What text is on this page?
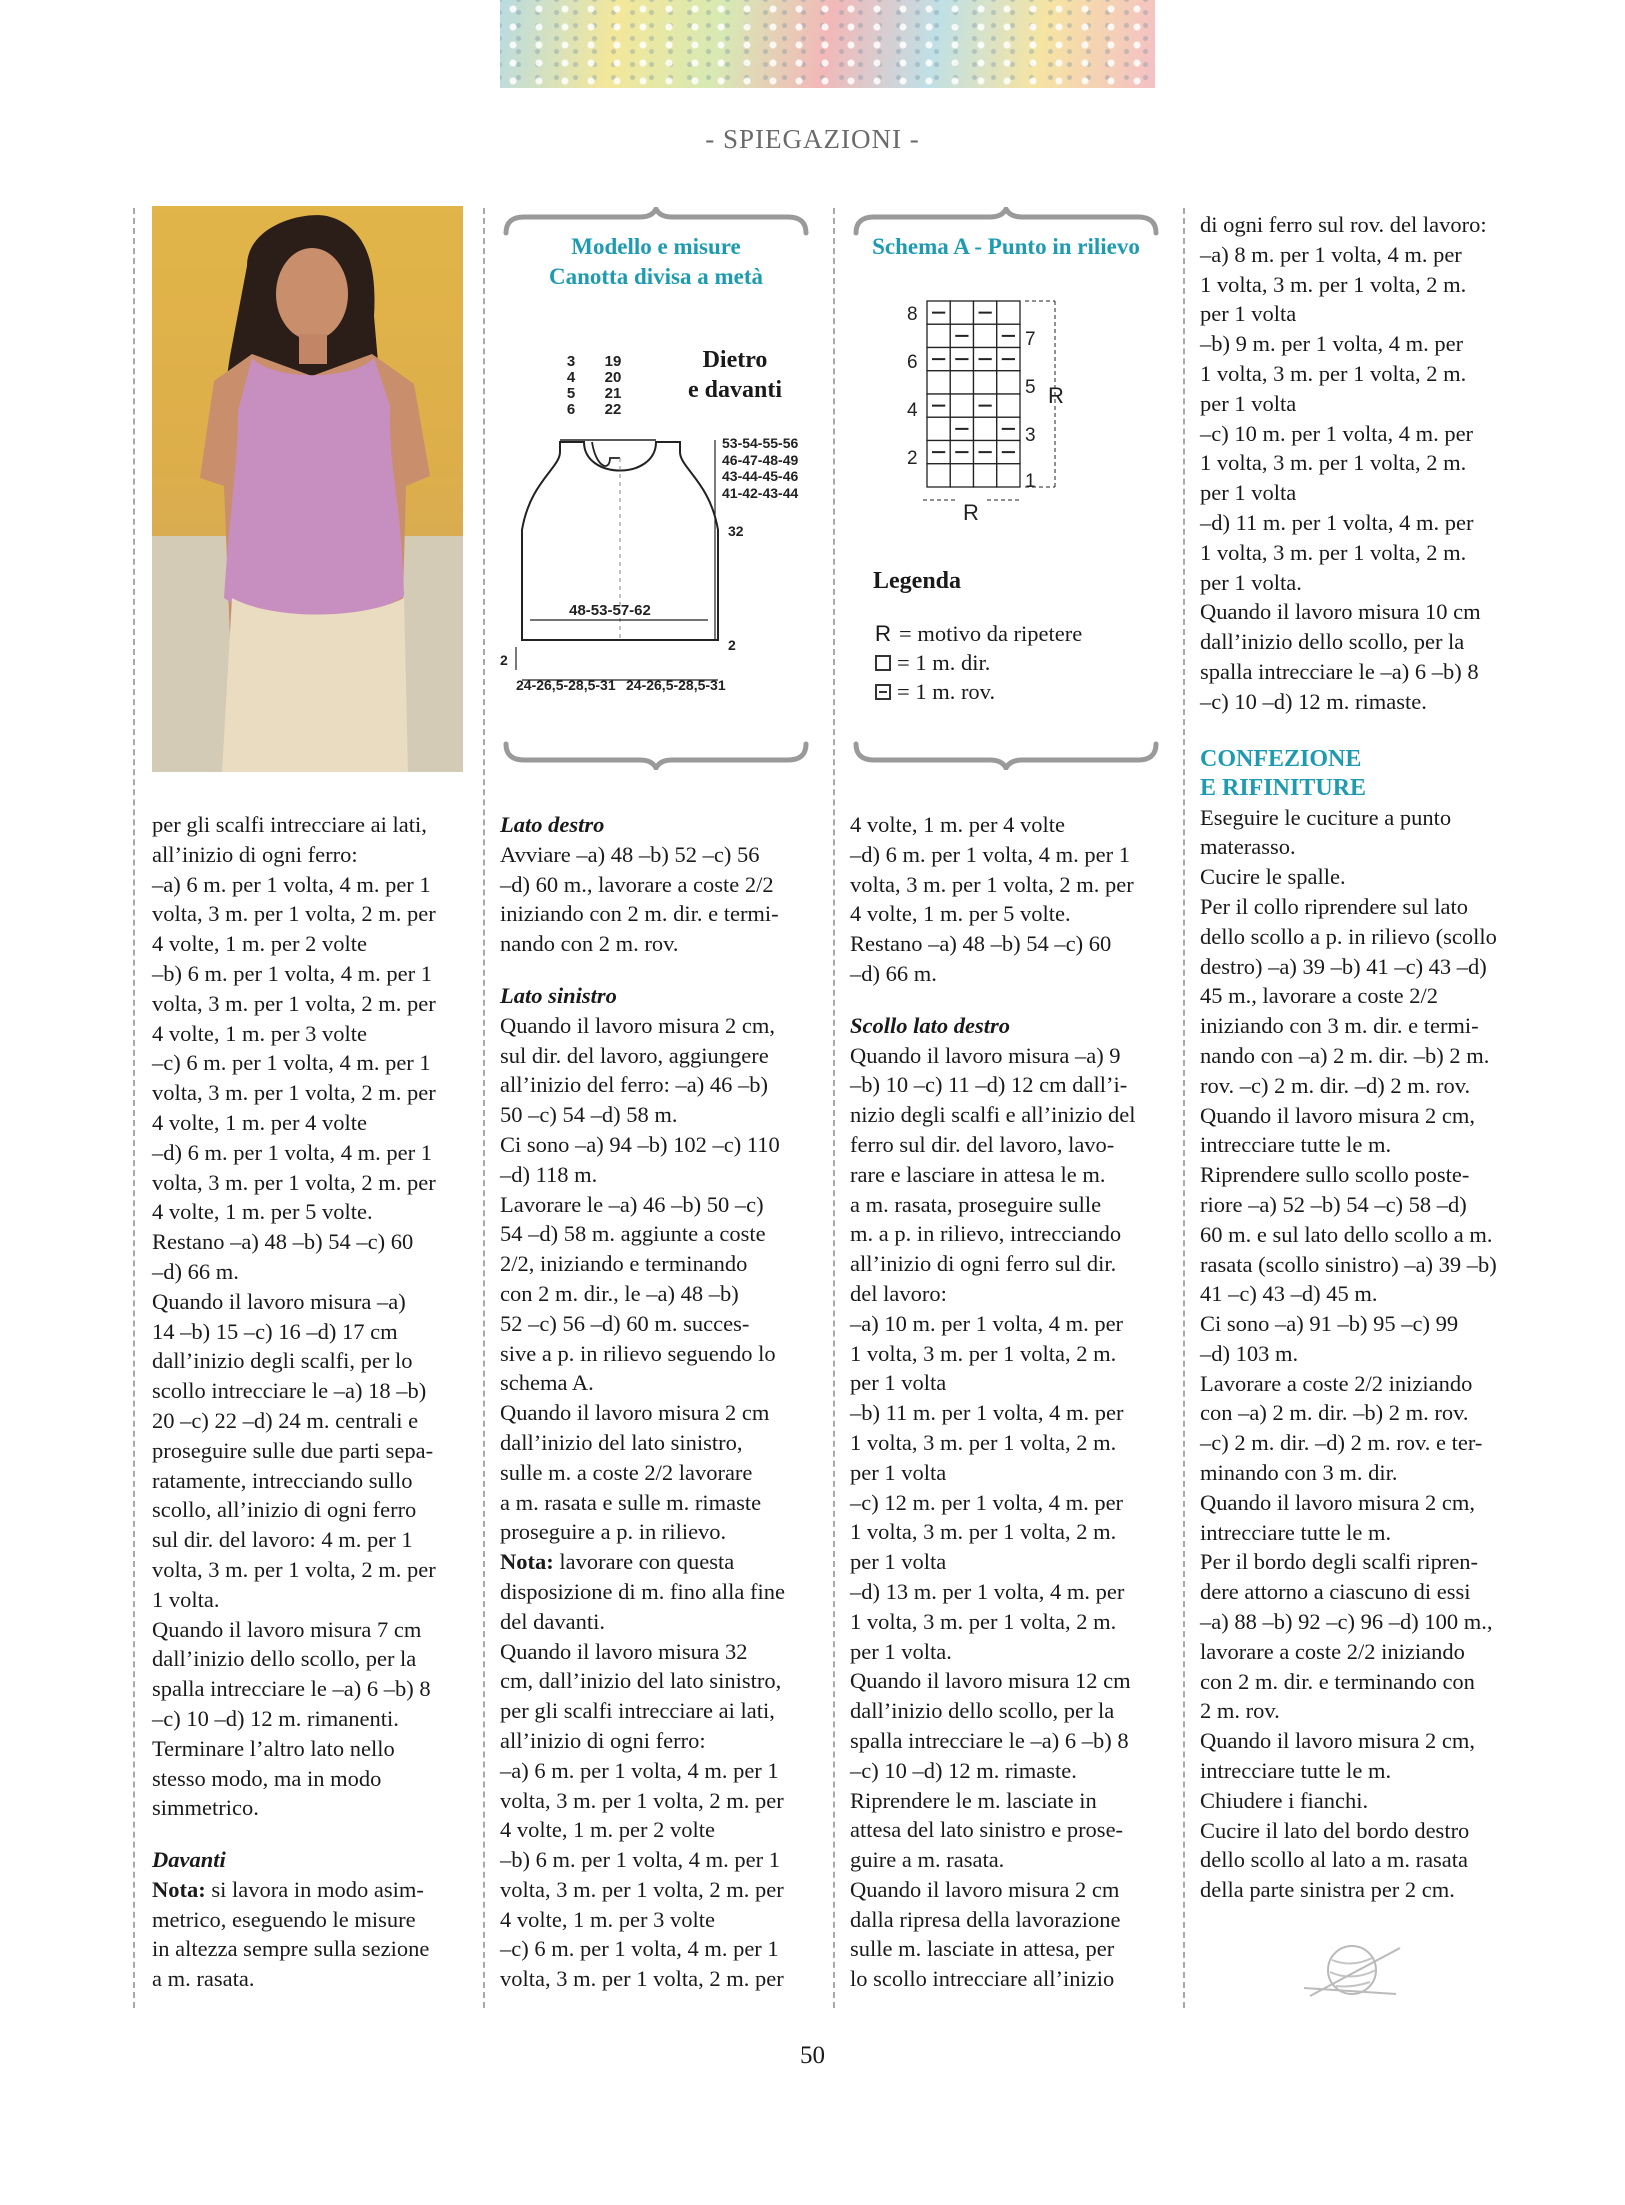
- SPIEGAZIONI -

per gli scalfi intrecciare ai lati,

all’inizio di ogni ferro:

–a) 6 m. per 1 volta, 4 m. per 1

volta, 3 m. per 1 volta, 2 m. per

4 volte, 1 m. per 2 volte

–b) 6 m. per 1 volta, 4 m. per 1

volta, 3 m. per 1 volta, 2 m. per

4 volte, 1 m. per 3 volte

–c) 6 m. per 1 volta, 4 m. per 1

volta, 3 m. per 1 volta, 2 m. per

4 volte, 1 m. per 4 volte

–d) 6 m. per 1 volta, 4 m. per 1

volta, 3 m. per 1 volta, 2 m. per

4 volte, 1 m. per 5 volte.

Restano –a) 48 –b) 54 –c) 60

–d) 66 m.

Quando il lavoro misura –a)

14 –b) 15 –c) 16 –d) 17 cm

dall’inizio degli scalfi, per lo

scollo intrecciare le –a) 18 –b)

20 –c) 22 –d) 24 m. centrali e

proseguire sulle due parti sepa-

ratamente, intrecciando sullo

scollo, all’inizio di ogni ferro

sul dir. del lavoro: 4 m. per 1

volta, 3 m. per 1 volta, 2 m. per

1 volta.

Quando il lavoro misura 7 cm

dall’inizio dello scollo, per la

spalla intrecciare le –a) 6 –b) 8

–c) 10 –d) 12 m. rimanenti.

Terminare l’altro lato nello

stesso modo, ma in modo

simmetrico.

Davanti

Nota: si lavora in modo asim-

metrico, eseguendo le misure

in altezza sempre sulla sezione

a m. rasata.

Modello e misure
Canotta divisa a metà
Dietro
e davanti
3
4
5
6
19
20
21
22
53-54-55-56
46-47-48-49
43-44-45-46
41-42-43-44
32
2
2
48-53-57-62
24-26,5-28,5-31 24-26,5-28,5-31

Lato destro

Avviare –a) 48 –b) 52 –c) 56

–d) 60 m., lavorare a coste 2/2

iniziando con 2 m. dir. e termi-

nando con 2 m. rov.

Lato sinistro

Quando il lavoro misura 2 cm,

sul dir. del lavoro, aggiungere

all’inizio del ferro: –a) 46 –b)

50 –c) 54 –d) 58 m.

Ci sono –a) 94 –b) 102 –c) 110

–d) 118 m.

Lavorare le –a) 46 –b) 50 –c)

54 –d) 58 m. aggiunte a coste

2/2, iniziando e terminando

con 2 m. dir., le –a) 48 –b)

52 –c) 56 –d) 60 m. succes-

sive a p. in rilievo seguendo lo

schema A.

Quando il lavoro misura 2 cm

dall’inizio del lato sinistro,

sulle m. a coste 2/2 lavorare

a m. rasata e sulle m. rimaste

proseguire a p. in rilievo.

Nota: lavorare con questa

disposizione di m. fino alla fine

del davanti.

Quando il lavoro misura 32

cm, dall’inizio del lato sinistro,

per gli scalfi intrecciare ai lati,

all’inizio di ogni ferro:

–a) 6 m. per 1 volta, 4 m. per 1

volta, 3 m. per 1 volta, 2 m. per

4 volte, 1 m. per 2 volte

–b) 6 m. per 1 volta, 4 m. per 1

volta, 3 m. per 1 volta, 2 m. per

4 volte, 1 m. per 3 volte

–c) 6 m. per 1 volta, 4 m. per 1

volta, 3 m. per 1 volta, 2 m. per

Schema A - Punto in rilievo
8
6
4
2
7
5
3
1
R
R
Legenda
R = motivo da ripetere
= 1 m. dir.
= 1 m. rov.

4 volte, 1 m. per 4 volte

–d) 6 m. per 1 volta, 4 m. per 1

volta, 3 m. per 1 volta, 2 m. per

4 volte, 1 m. per 5 volte.

Restano –a) 48 –b) 54 –c) 60

–d) 66 m.

Scollo lato destro

Quando il lavoro misura –a) 9

–b) 10 –c) 11 –d) 12 cm dall’i-

nizio degli scalfi e all’inizio del

ferro sul dir. del lavoro, lavo-

rare e lasciare in attesa le m.

a m. rasata, proseguire sulle

m. a p. in rilievo, intrecciando

all’inizio di ogni ferro sul dir.

del lavoro:

–a) 10 m. per 1 volta, 4 m. per

1 volta, 3 m. per 1 volta, 2 m.

per 1 volta

–b) 11 m. per 1 volta, 4 m. per

1 volta, 3 m. per 1 volta, 2 m.

per 1 volta

–c) 12 m. per 1 volta, 4 m. per

1 volta, 3 m. per 1 volta, 2 m.

per 1 volta

–d) 13 m. per 1 volta, 4 m. per

1 volta, 3 m. per 1 volta, 2 m.

per 1 volta.

Quando il lavoro misura 12 cm

dall’inizio dello scollo, per la

spalla intrecciare le –a) 6 –b) 8

–c) 10 –d) 12 m. rimaste.

Riprendere le m. lasciate in

attesa del lato sinistro e prose-

guire a m. rasata.

Quando il lavoro misura 2 cm

dalla ripresa della lavorazione

sulle m. lasciate in attesa, per

lo scollo intrecciare all’inizio

di ogni ferro sul rov. del lavoro:

–a) 8 m. per 1 volta, 4 m. per

1 volta, 3 m. per 1 volta, 2 m.

per 1 volta

–b) 9 m. per 1 volta, 4 m. per

1 volta, 3 m. per 1 volta, 2 m.

per 1 volta

–c) 10 m. per 1 volta, 4 m. per

1 volta, 3 m. per 1 volta, 2 m.

per 1 volta

–d) 11 m. per 1 volta, 4 m. per

1 volta, 3 m. per 1 volta, 2 m.

per 1 volta.

Quando il lavoro misura 10 cm

dall’inizio dello scollo, per la

spalla intrecciare le –a) 6 –b) 8

–c) 10 –d) 12 m. rimaste.

CONFEZIONE

E RIFINITURE

Eseguire le cuciture a punto

materasso.

Cucire le spalle.

Per il collo riprendere sul lato

dello scollo a p. in rilievo (scollo

destro) –a) 39 –b) 41 –c) 43 –d)

45 m., lavorare a coste 2/2

iniziando con 3 m. dir. e termi-

nando con –a) 2 m. dir. –b) 2 m.

rov. –c) 2 m. dir. –d) 2 m. rov.

Quando il lavoro misura 2 cm,

intrecciare tutte le m.

Riprendere sullo scollo poste-

riore –a) 52 –b) 54 –c) 58 –d)

60 m. e sul lato dello scollo a m.

rasata (scollo sinistro) –a) 39 –b)

41 –c) 43 –d) 45 m.

Ci sono –a) 91 –b) 95 –c) 99

–d) 103 m.

Lavorare a coste 2/2 iniziando

con –a) 2 m. dir. –b) 2 m. rov.

–c) 2 m. dir. –d) 2 m. rov. e ter-

minando con 3 m. dir.

Quando il lavoro misura 2 cm,

intrecciare tutte le m.

Per il bordo degli scalfi ripren-

dere attorno a ciascuno di essi

–a) 88 –b) 92 –c) 96 –d) 100 m.,

lavorare a coste 2/2 iniziando

con 2 m. dir. e terminando con

2 m. rov.

Quando il lavoro misura 2 cm,

intrecciare tutte le m.

Chiudere i fianchi.

Cucire il lato del bordo destro

dello scollo al lato a m. rasata

della parte sinistra per 2 cm.

50
